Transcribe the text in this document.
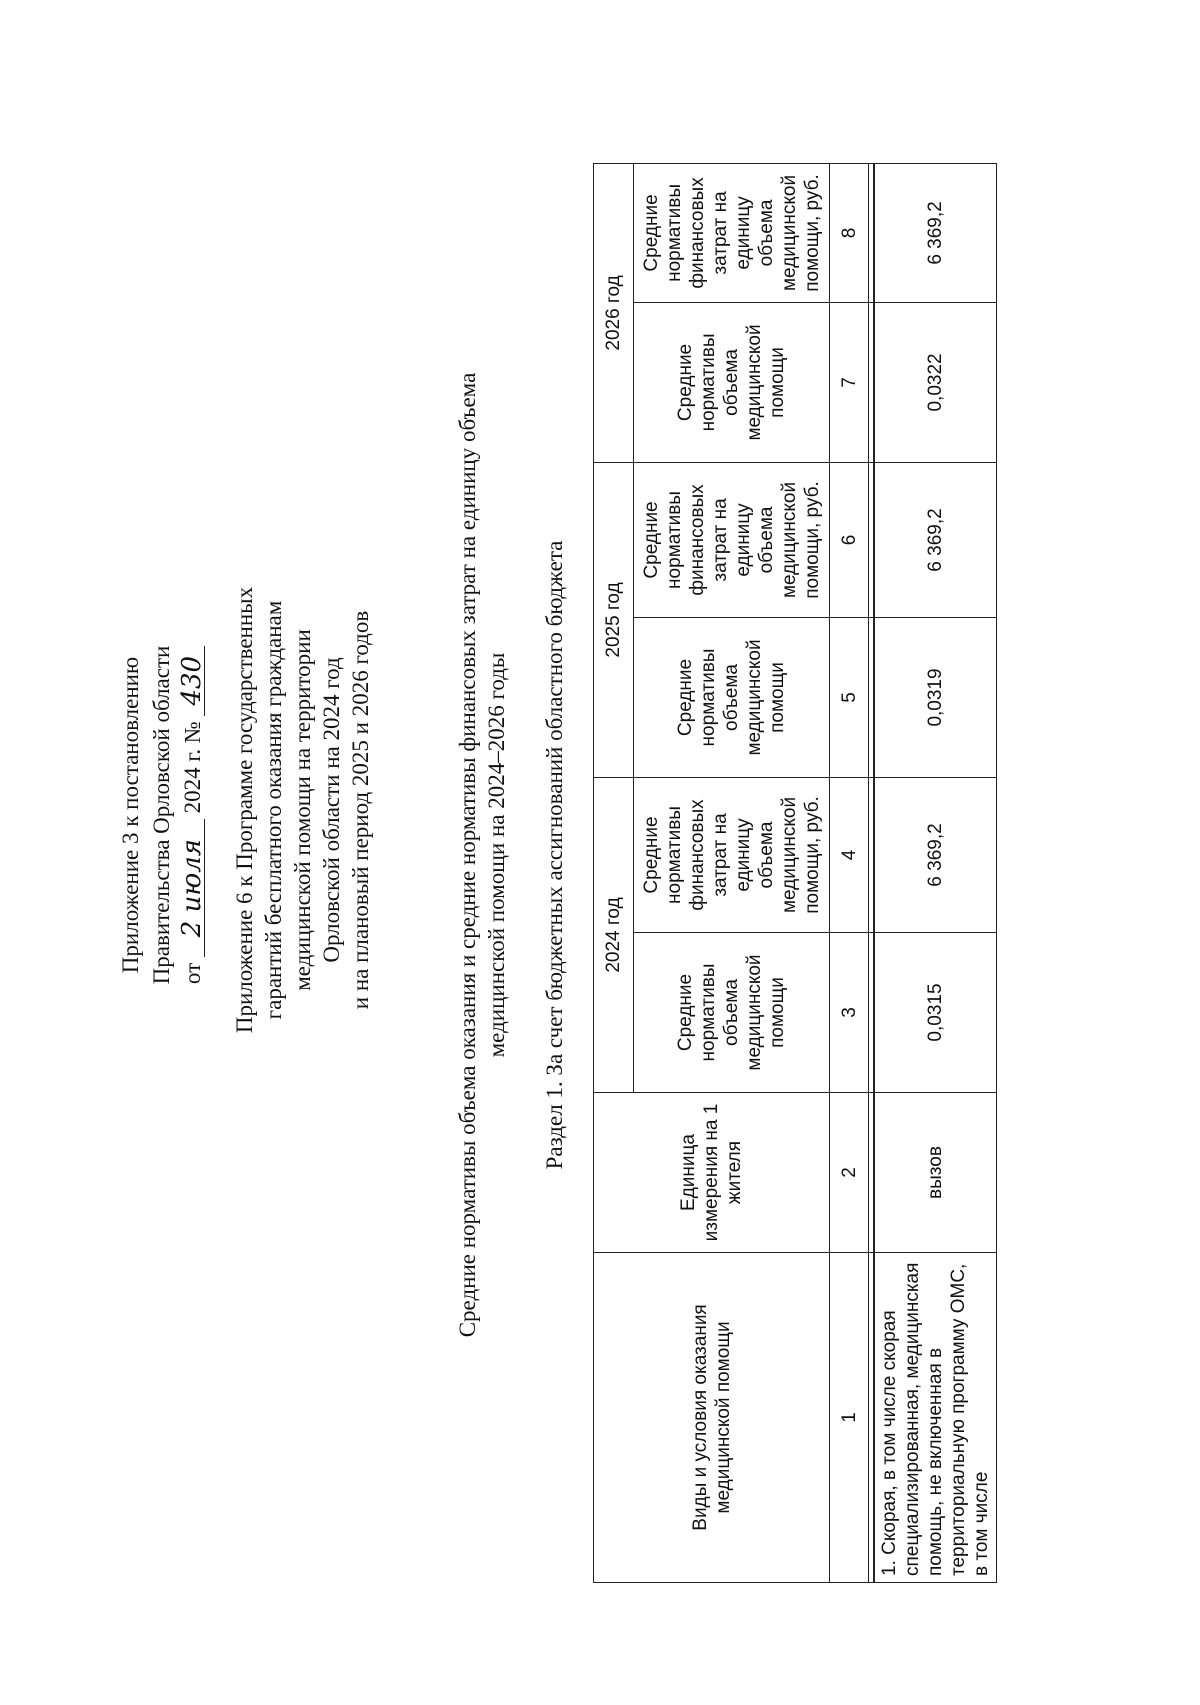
Приложение 3 к постановлению Правительства Орловской области от 2 июля 2024 г. № 430 Приложение 6 к Программе государственных гарантий бесплатного оказания гражданам медицинской помощи на территории Орловской области на 2024 год и на плановый период 2025 и 2026 годов	Средние нормативы объема оказания и средние нормативы финансовых затрат на единицу объема медицинской помощи на 2024–2026 годы Раздел 1. За счет бюджетных ассигнований областного бюджета
Виды и условия оказания медицинской помощи	Единица измерения на 1 жителя	2024 год		2025 год		2026 год	
		Средние нормативы объема медицинской помощи	Средние нормативы финансовых затрат на единицу объема медицинской помощи, руб.	Средние нормативы объема медицинской помощи	Средние нормативы финансовых затрат на единицу объема медицинской помощи, руб.	Средние нормативы объема медицинской помощи	Средние нормативы финансовых затрат на единицу объема медицинской помощи, руб.
1	2	3	4	5	6	7	8

1. Скорая, в том числе скорая специализированная, медицинская помощь, не включенная в территориальную программу ОМС, в том числе	вызов	0,0315	6 369,2	0,0319	6 369,2	0,0322	6 369,2
